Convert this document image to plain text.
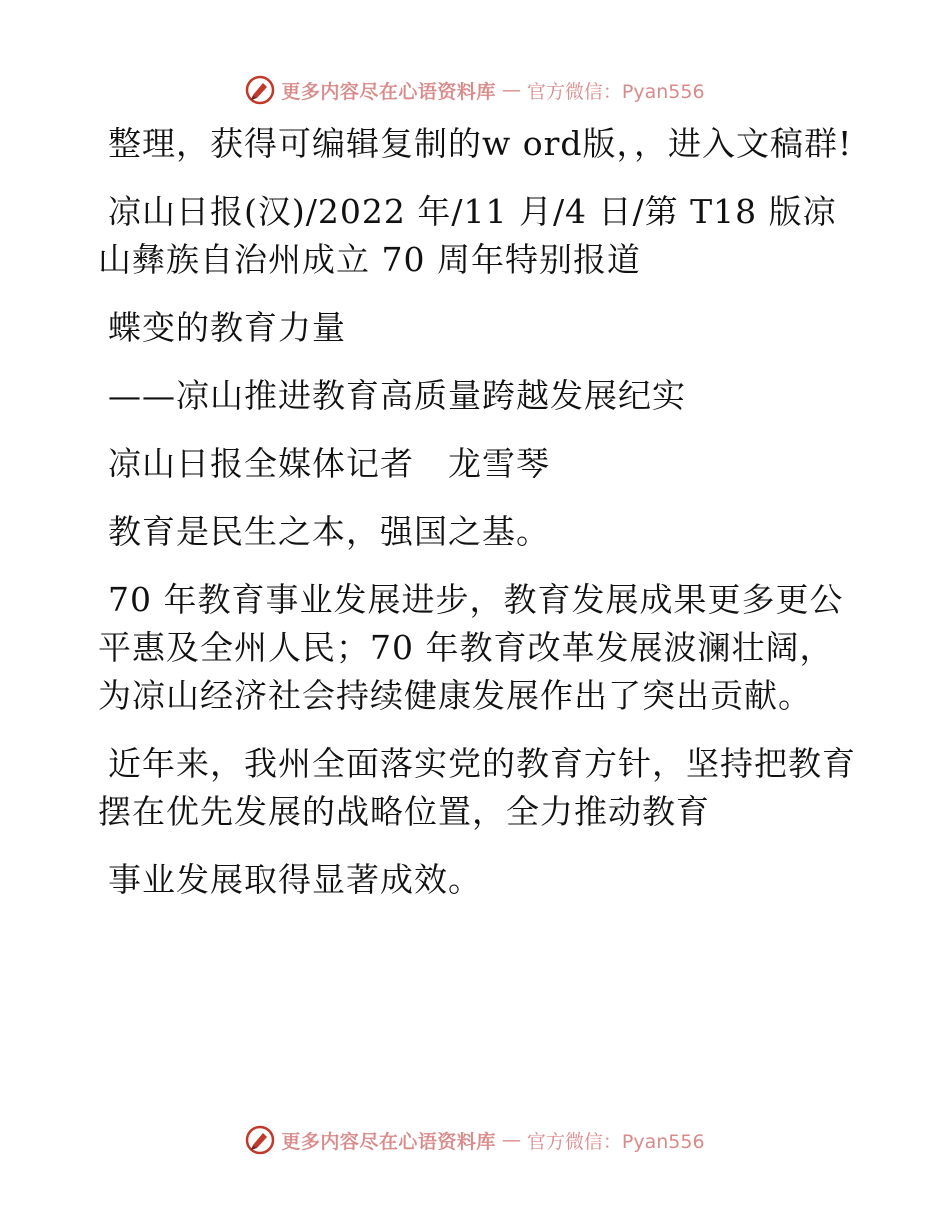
更多内容尽在心语资料库 — 官方微信：Pyan556

整理，获得可编辑复制的w ord版，，进入文稿群!

凉山日报(汉)/2022 年/11 月/4 日/第 T18 版凉山彝族自治州成立 70 周年特别报道

蝶变的教育力量

——凉山推进教育高质量跨越发展纪实

凉山日报全媒体记者　龙雪琴

教育是民生之本，强国之基。

70 年教育事业发展进步，教育发展成果更多更公平惠及全州人民；70 年教育改革发展波澜壮阔，为凉山经济社会持续健康发展作出了突出贡献。

近年来，我州全面落实党的教育方针，坚持把教育摆在优先发展的战略位置，全力推动教育

事业发展取得显著成效。

更多内容尽在心语资料库 — 官方微信：Pyan556
